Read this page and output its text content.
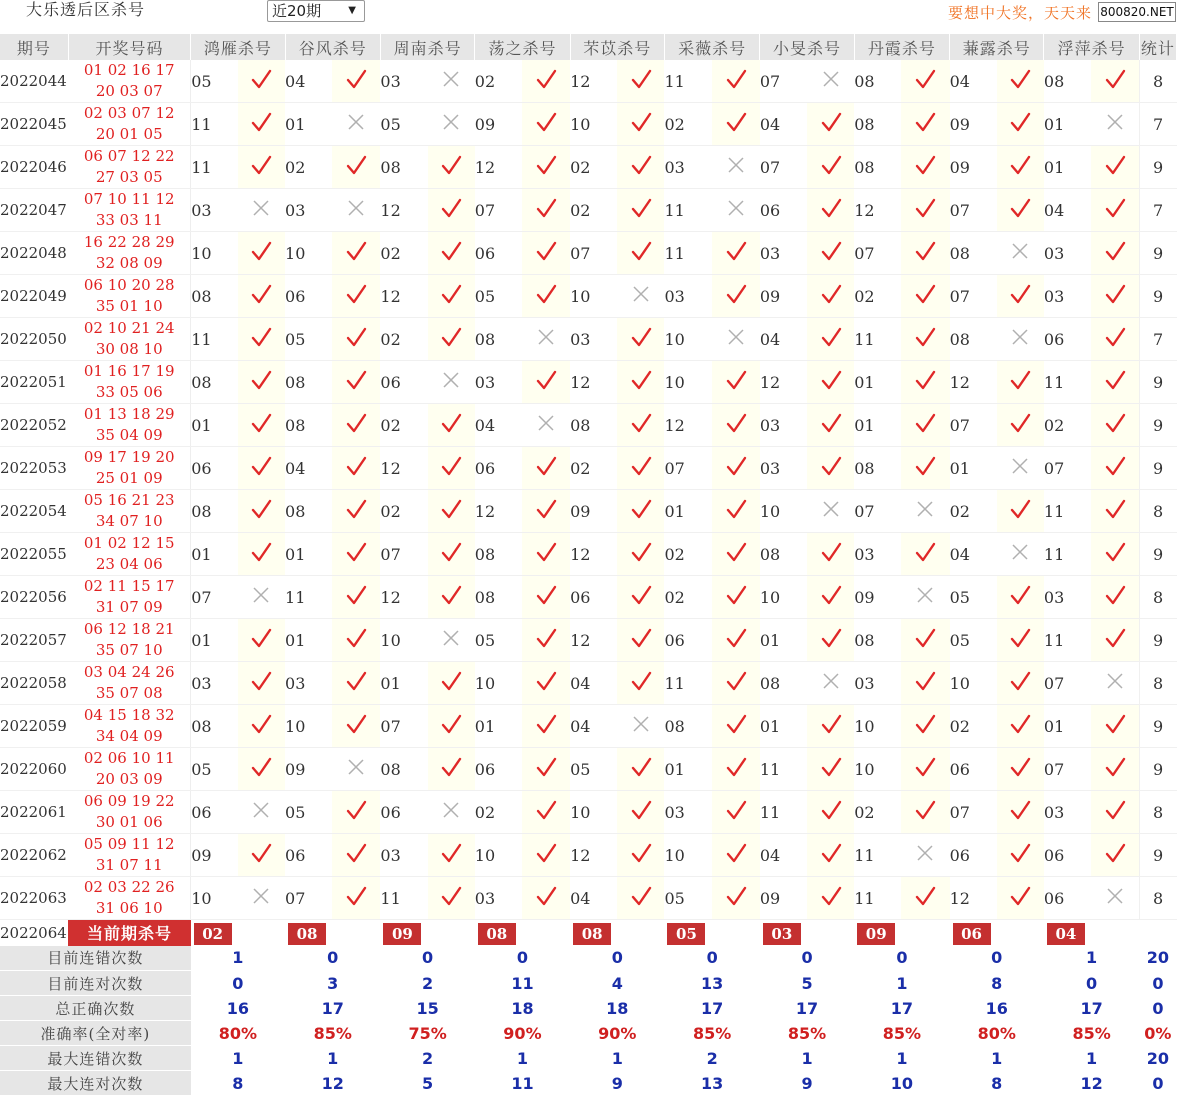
大乐透后区杀号	近20期	▼	要想中大奖，天天来 800820.NET
期号	开奖号码	鸿雁杀号		谷风杀号		周南杀号		荡之杀号		芣苡杀号		采薇杀号		小旻杀号		丹霞杀号		蒹露杀号		浮萍杀号		统计
2022044	01 02 16 17
20 03 07	05		04		03		02		12		11		07		08		04		08		8
2022045	02 03 07 12
20 01 05	11		01		05		09		10		02		04		08		09		01		7
2022046	06 07 12 22
27 03 05	11		02		08		12		02		03		07		08		09		01		9
2022047	07 10 11 12
33 03 11	03		03		12		07		02		11		06		12		07		04		7
2022048	16 22 28 29
32 08 09	10		10		02		06		07		11		03		07		08		03		9
2022049	06 10 20 28
35 01 10	08		06		12		05		10		03		09		02		07		03		9
2022050	02 10 21 24
30 08 10	11		05		02		08		03		10		04		11		08		06		7
2022051	01 16 17 19
33 05 06	08		08		06		03		12		10		12		01		12		11		9
2022052	01 13 18 29
35 04 09	01		08		02		04		08		12		03		01		07		02		9
2022053	09 17 19 20
25 01 09	06		04		12		06		02		07		03		08		01		07		9
2022054	05 16 21 23
34 07 10	08		08		02		12		09		01		10		07		02		11		8
2022055	01 02 12 15
23 04 06	01		01		07		08		12		02		08		03		04		11		9
2022056	02 11 15 17
31 07 09	07		11		12		08		06		02		10		09		05		03		8
2022057	06 12 18 21
35 07 10	01		01		10		05		12		06		01		08		05		11		9
2022058	03 04 24 26
35 07 08	03		03		01		10		04		11		08		03		10		07		8
2022059	04 15 18 32
34 04 09	08		10		07		01		04		08		01		10		02		01		9
2022060	02 06 10 11
20 03 09	05		09		08		06		05		01		11		10		06		07		9
2022061	06 09 19 22
30 01 06	06		05		06		02		10		03		11		02		07		03		8
2022062	05 09 11 12
31 07 11	09		06		03		10		12		10		04		11		06		06		9
2022063	02 03 22 26
31 06 10	10		07		11		03		04		05		09		11		12		06		8
2022064	当前期杀号	02		08		09		08		08		05		03		09		06		04		
目前连错次数		1		0		0		0		0		0		0		0		0		1		20
目前连对次数		0		3		2		11		4		13		5		1		8		0		0
总正确次数		16		17		15		18		18		17		17		17		16		17		0
准确率(全对率)		80%		85%		75%		90%		90%		85%		85%		85%		80%		85%		0%
最大连错次数		1		1		2		1		1		2		1		1		1		1		20
最大连对次数		8		12		5		11		9		13		9		10		8		12		0
